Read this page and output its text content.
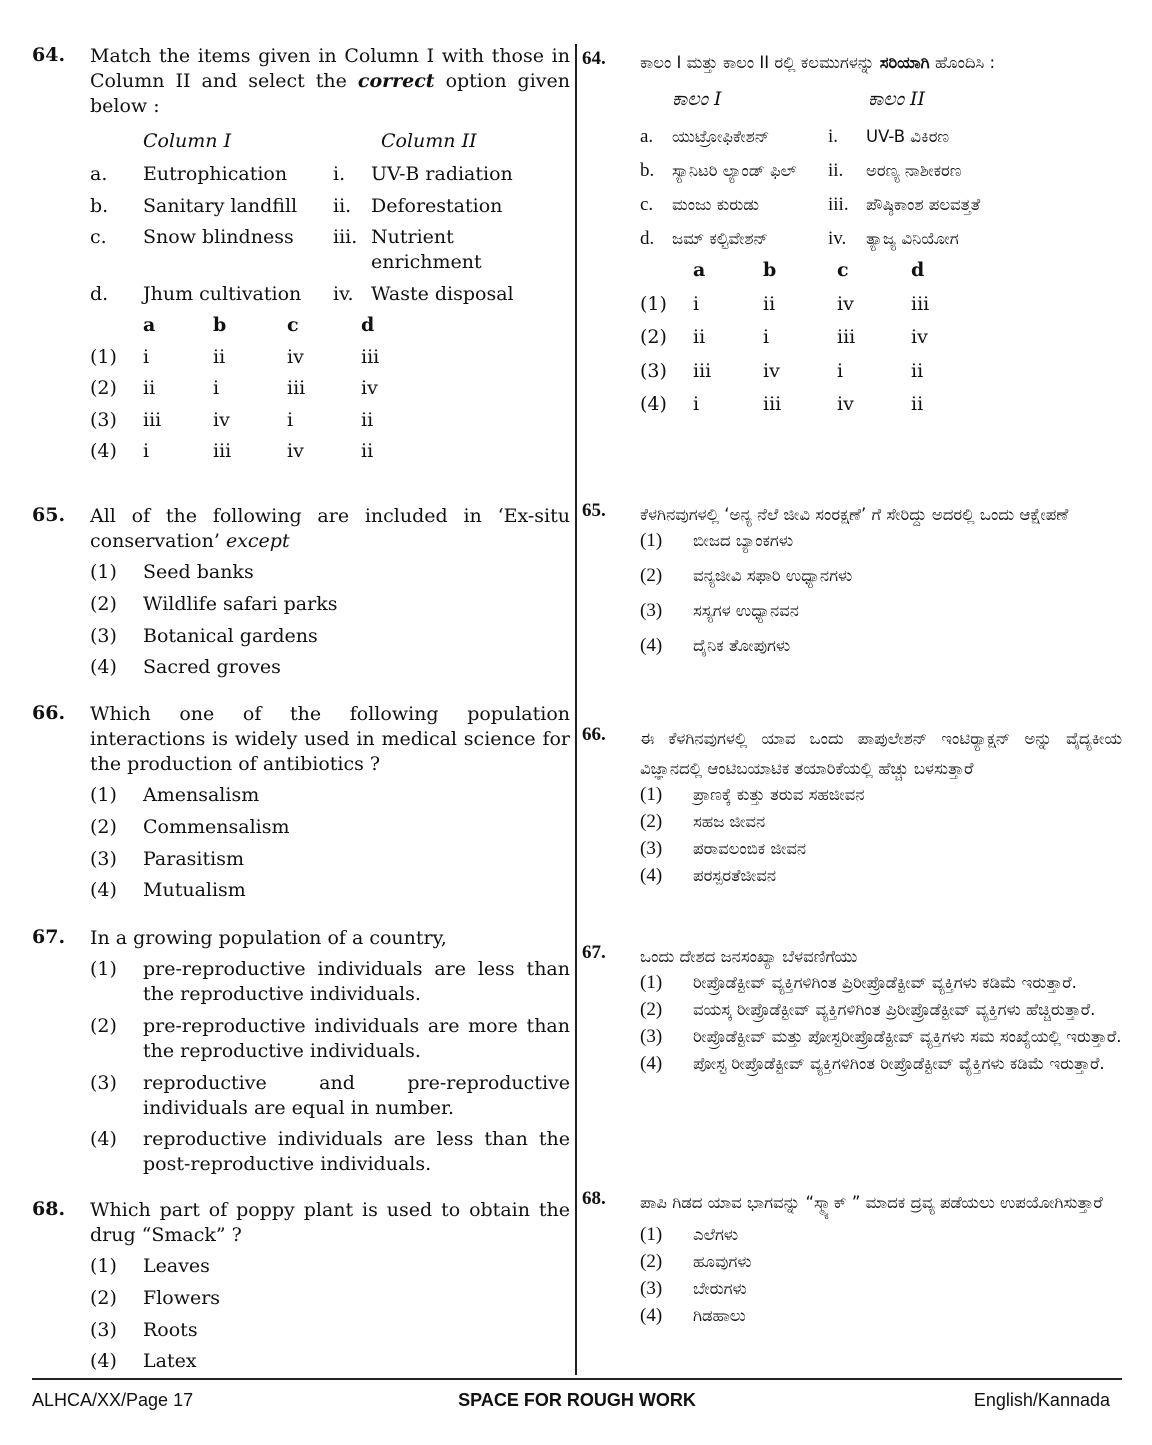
64. Match the items given in Column I with those in Column II and select the correct option given below :
Column I	Column II
a.	Eutrophication	i.	UV-B radiation
b.	Sanitary landfill	ii.	Deforestation
c.	Snow blindness	iii. Nutrient enrichment
d.	Jhum cultivation	iv. Waste disposal
a	b	c	d
(1)	i	ii	iv	iii
(2)	ii	i	iii	iv
(3)	iii	iv	i	ii
(4)	i	iii	iv	ii
65. All of the following are included in ‘Ex-situ conservation’ except
(1)	Seed banks
(2)	Wildlife safari parks
(3)	Botanical gardens
(4)	Sacred groves
66. Which one of the following population interactions is widely used in medical science for the production of antibiotics ?
(1)	Amensalism
(2)	Commensalism
(3)	Parasitism
(4)	Mutualism
67. In a growing population of a country,
(1)	pre-reproductive individuals are less than the reproductive individuals.
(2)	pre-reproductive individuals are more than the reproductive individuals.
(3)	reproductive and pre-reproductive individuals are equal in number.
(4)	reproductive individuals are less than the post-reproductive individuals.
68. Which part of poppy plant is used to obtain the drug “Smack” ?
(1)	Leaves
(2)	Flowers
(3)	Roots
(4)	Latex
64. ಕಾಲಂ I ಮತ್ತು ಕಾಲಂ II ರಲ್ಲಿ ಕಲಮುಗಳನ್ನು ಸರಿಯಾಗಿ ಹೊಂದಿಸಿ :
ಕಾಲಂ I	ಕಾಲಂ II
a.	ಯುಟ್ರೋಫಿಕೇಶನ್	i.	UV-B ವಿಕಿರಣ
b.	ಸ್ಯಾನಿಟರಿ ಲ್ಯಾಂಡ್ ಫಿಲ್	ii.	ಅರಣ್ಯ ನಾಶೀಕರಣ
c.	ಮಂಜು ಕುರುಡು	iii.	ಪೌಷ್ಠಿಕಾಂಶ ಪಲವತ್ತತೆ
d.	ಜಮ್ ಕಲ್ಟಿವೇಶನ್	iv.	ತ್ಯಾಜ್ಯ ವಿನಿಯೋಗ
a	b	c	d
(1)	i	ii	iv	iii
(2)	ii	i	iii	iv
(3)	iii	iv	i	ii
(4)	i	iii	iv	ii
65. ಕೆಳಗಿನವುಗಳಲ್ಲಿ ‘ಅನ್ಯ ನೆಲೆ ಜೀವಿ ಸಂರಕ್ಷಣೆ’ ಗೆ ಸೇರಿದ್ದು ಅದರಲ್ಲಿ ಒಂದು ಆಕ್ಷೇಪಣೆ
(1)	ಬೀಜದ ಬ್ಯಾಂಕಗಳು
(2)	ವನ್ಯಜೀವಿ ಸಫಾರಿ ಉಧ್ಯಾನಗಳು
(3)	ಸಸ್ಯಗಳ ಉಧ್ಯಾನವನ
(4)	ದೈನಿಕ ತೋಪುಗಳು
66. ಈ ಕೆಳಗಿನವುಗಳಲ್ಲಿ ಯಾವ ಒಂದು ಪಾಪುಲೇಶನ್ ಇಂಟಿರ‍್ಯಾಕ್ಷನ್ ಅನ್ನು ವೈದ್ಯಕೀಯ ವಿಜ್ಞಾನದಲ್ಲಿ ಆಂಟಿಬಯಾಟಿಕ ತಯಾರಿಕೆಯಲ್ಲಿ ಹೆಚ್ಚು ಬಳಸುತ್ತಾರೆ
(1)	ಪ್ರಾಣಕ್ಕೆ ಕುತ್ತು ತರುವ ಸಹಜೀವನ
(2)	ಸಹಜ ಜೀವನ
(3)	ಪರಾವಲಂಬಿಕ ಜೀವನ
(4)	ಪರಸ್ಪರತೆಜೀವನ
67. ಒಂದು ದೇಶದ ಜನಸಂಖ್ಯಾ ಬೆಳವಣಿಗೆಯು
(1)	ರೀಪ್ರೊಡೆಕ್ಟೀವ್ ವ್ಯಕ್ತಿಗಳಿಗಿಂತ ಪ್ರಿರೀಪ್ರೊಡೆಕ್ಟೀವ್ ವ್ಯಕ್ತಿಗಳು ಕಡಿಮೆ ಇರುತ್ತಾರೆ.
(2)	ವಯಸ್ಕ ರೀಪ್ರೊಡೆಕ್ಟೀವ್ ವ್ಯಕ್ತಿಗಳಿಗಿಂತ ಪ್ರಿರೀಪ್ರೊಡೆಕ್ಟೀವ್ ವ್ಯಕ್ತಿಗಳು ಹೆಚ್ಚಿರುತ್ತಾರೆ.
(3)	ರೀಪ್ರೊಡೆಕ್ಟೀವ್ ಮತ್ತು ಪೋಸ್ಟರೀಪ್ರೊಡೆಕ್ಟೀವ್ ವ್ಯಕ್ತಿಗಳು ಸಮ ಸಂಖ್ಯೆಯಲ್ಲಿ ಇರುತ್ತಾರೆ.
(4)	ಪೋಸ್ಟ ರೀಪ್ರೊಡೆಕ್ಟೀವ್ ವ್ಯಕ್ತಿಗಳಿಗಿಂತ ರೀಪ್ರೊಡೆಕ್ಟೀವ್ ವ್ಯೆಕ್ತಿಗಳು ಕಡಿಮೆ ಇರುತ್ತಾರೆ.
68. ಪಾಪಿ ಗಿಡದ ಯಾವ ಭಾಗವನ್ನು “ಸ್ಮ್ಯಾಕ್ ” ಮಾದಕ ದ್ರವ್ಯ ಪಡೆಯಲು ಉಪಯೋಗಿಸುತ್ತಾರೆ
(1)	ಎಲೆಗಳು
(2)	ಹೂವುಗಳು
(3)	ಬೇರುಗಳು
(4)	ಗಿಡಹಾಲು
ALHCA/XX/Page 17	SPACE FOR ROUGH WORK	English/Kannada
